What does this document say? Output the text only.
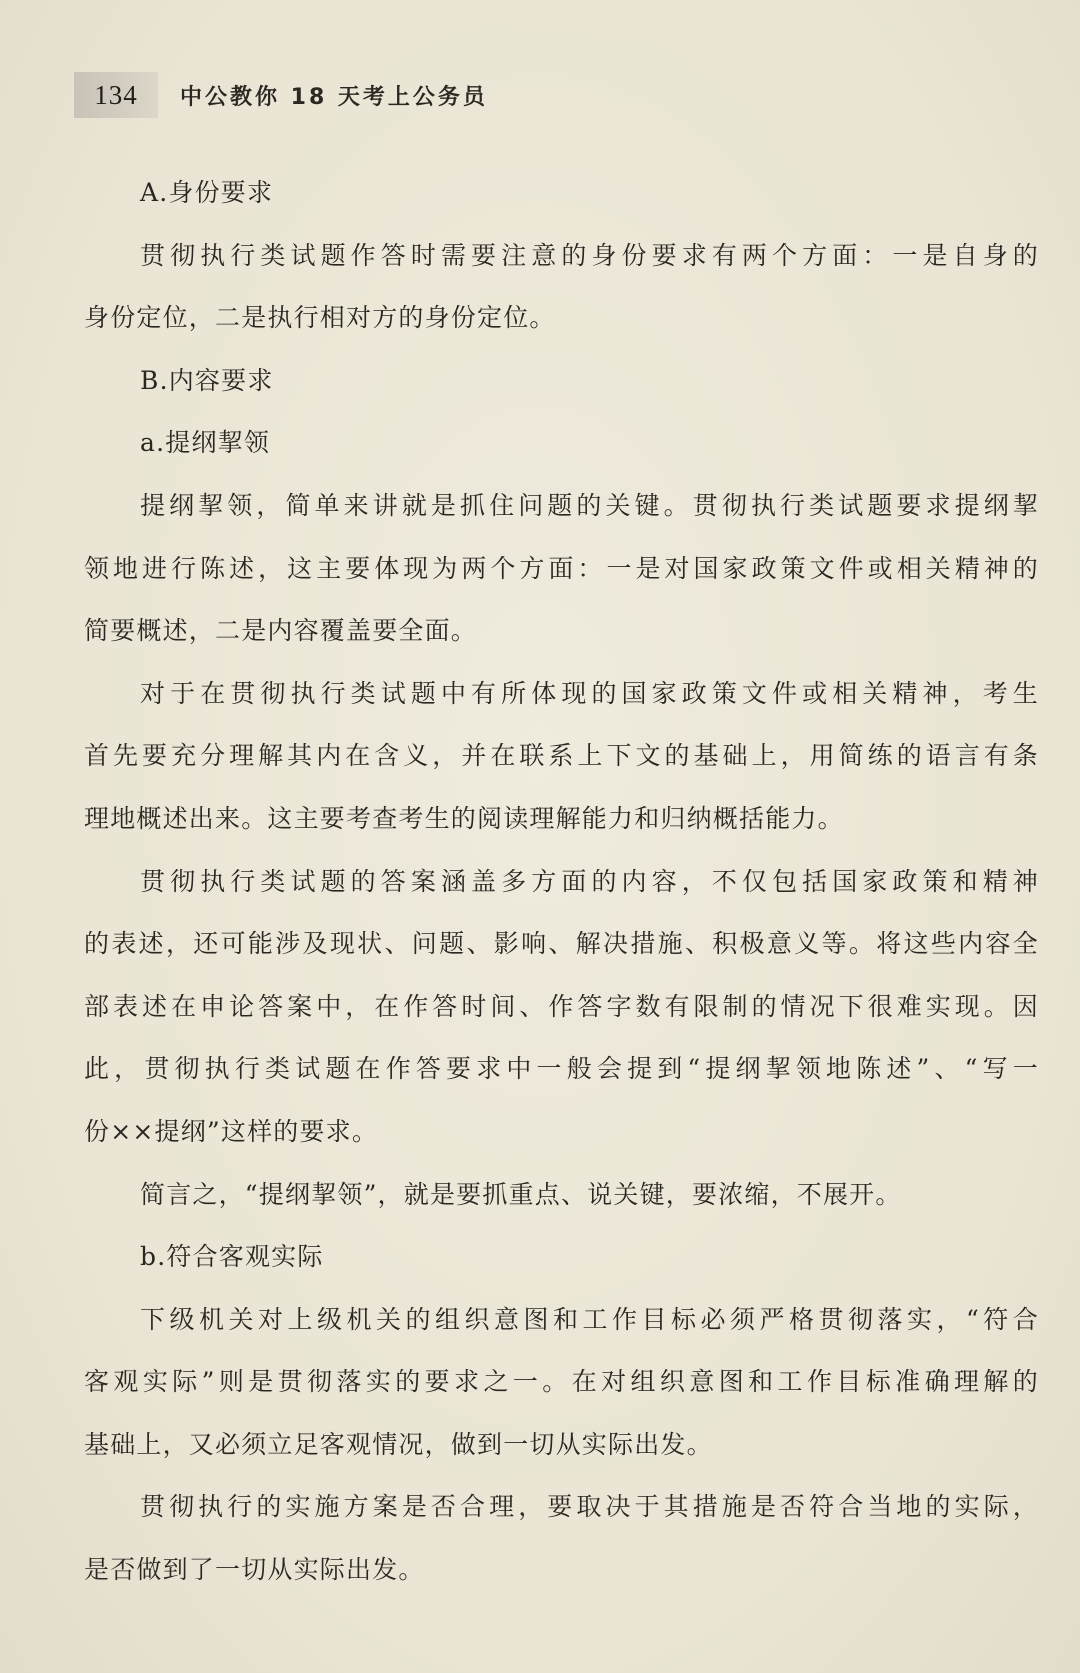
134	中公教你 18 天考上公务员
A.身份要求
贯彻执行类试题作答时需要注意的身份要求有两个方面：一是自身的
身份定位，二是执行相对方的身份定位。
B.内容要求
a.提纲挈领
提纲挈领，简单来讲就是抓住问题的关键。贯彻执行类试题要求提纲挈
领地进行陈述，这主要体现为两个方面：一是对国家政策文件或相关精神的
简要概述，二是内容覆盖要全面。
对于在贯彻执行类试题中有所体现的国家政策文件或相关精神，考生
首先要充分理解其内在含义，并在联系上下文的基础上，用简练的语言有条
理地概述出来。这主要考查考生的阅读理解能力和归纳概括能力。
贯彻执行类试题的答案涵盖多方面的内容，不仅包括国家政策和精神
的表述，还可能涉及现状、问题、影响、解决措施、积极意义等。将这些内容全
部表述在申论答案中，在作答时间、作答字数有限制的情况下很难实现。因
此，贯彻执行类试题在作答要求中一般会提到“提纲挈领地陈述”、“写一
份××提纲”这样的要求。
简言之，“提纲挈领”，就是要抓重点、说关键，要浓缩，不展开。
b.符合客观实际
下级机关对上级机关的组织意图和工作目标必须严格贯彻落实，“符合
客观实际”则是贯彻落实的要求之一。在对组织意图和工作目标准确理解的
基础上，又必须立足客观情况，做到一切从实际出发。
贯彻执行的实施方案是否合理，要取决于其措施是否符合当地的实际，
是否做到了一切从实际出发。
